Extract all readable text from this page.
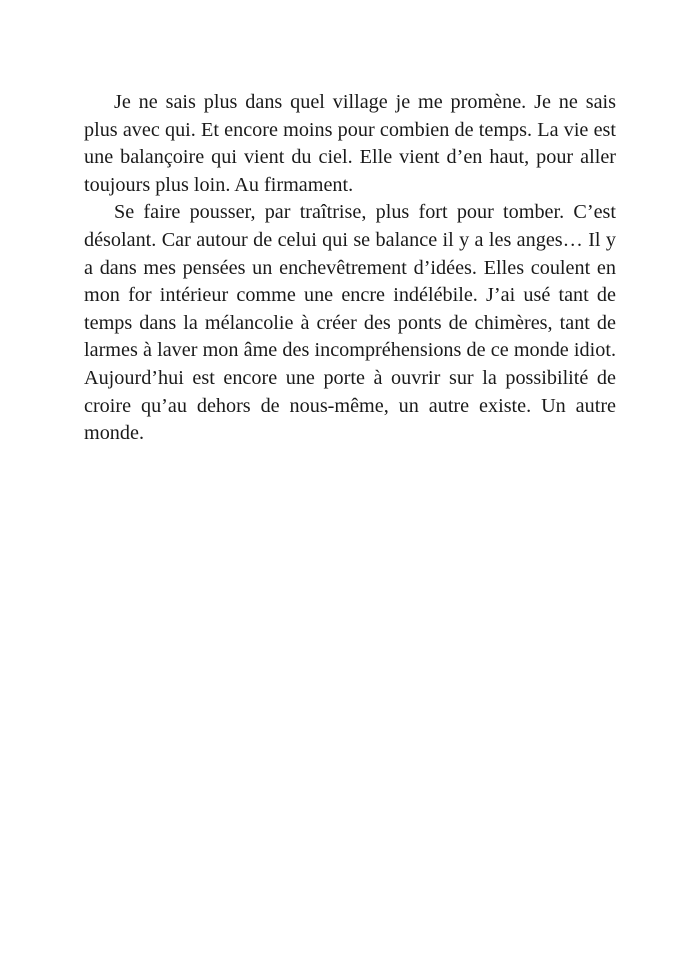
Je ne sais plus dans quel village je me promène. Je ne sais plus avec qui. Et encore moins pour combien de temps. La vie est une balançoire qui vient du ciel. Elle vient d’en haut, pour aller toujours plus loin. Au firmament.

Se faire pousser, par traîtrise, plus fort pour tomber. C’est désolant. Car autour de celui qui se balance il y a les anges… Il y a dans mes pensées un enchevêtrement d’idées. Elles coulent en mon for intérieur comme une encre indélébile. J’ai usé tant de temps dans la mélancolie à créer des ponts de chimères, tant de larmes à laver mon âme des incompréhensions de ce monde idiot. Aujourd’hui est encore une porte à ouvrir sur la possibilité de croire qu’au dehors de nous-même, un autre existe. Un autre monde.
